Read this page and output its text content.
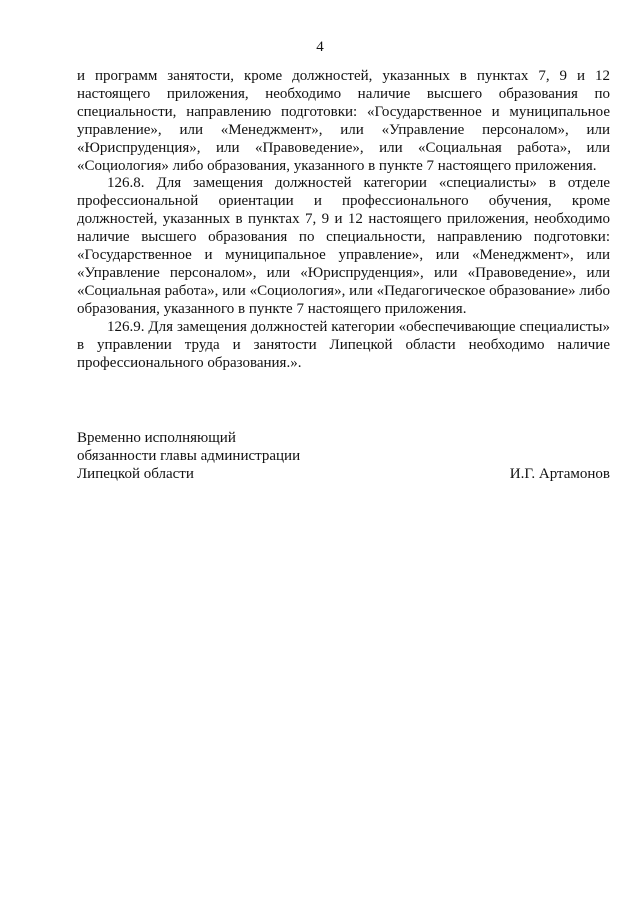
4

и программ занятости, кроме должностей, указанных в пунктах 7, 9 и 12 настоящего приложения, необходимо наличие высшего образования по специальности, направлению подготовки: «Государственное и муниципальное управление», или «Менеджмент», или «Управление персоналом», или «Юриспруденция», или «Правоведение», или «Социальная работа», или «Социология» либо образования, указанного в пункте 7 настоящего приложения.

126.8. Для замещения должностей категории «специалисты» в отделе профессиональной ориентации и профессионального обучения, кроме должностей, указанных в пунктах 7, 9 и 12 настоящего приложения, необходимо наличие высшего образования по специальности, направлению подготовки: «Государственное и муниципальное управление», или «Менеджмент», или «Управление персоналом», или «Юриспруденция», или «Правоведение», или «Социальная работа», или «Социология», или «Педагогическое образование» либо образования, указанного в пункте 7 настоящего приложения.

126.9. Для замещения должностей категории «обеспечивающие специалисты» в управлении труда и занятости Липецкой области необходимо наличие профессионального образования.».

Временно исполняющий
обязанности главы администрации
Липецкой области	И.Г. Артамонов
